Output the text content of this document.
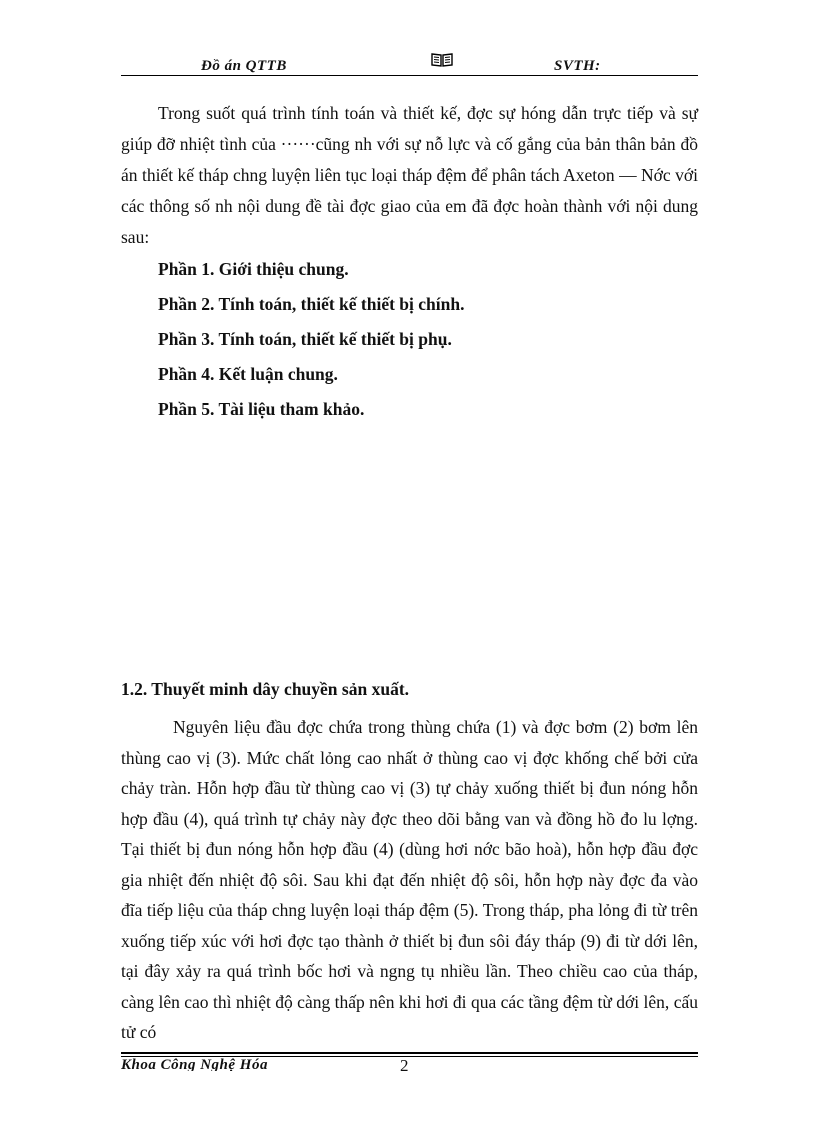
Đồ án QTTB	SVTH:
Trong suốt quá trình tính toán và thiết kế, đợc sự hóng dẫn trực tiếp và sự giúp đỡ nhiệt tình của ······cũng nh với sự nỗ lực và cố gắng của bản thân bản đồ án thiết kế tháp chng luyện liên tục loại tháp đệm để phân tách Axeton — Nớc với các thông số nh nội dung đề tài đợc giao của em đã đợc hoàn thành với nội dung sau:
Phần 1. Giới thiệu chung.
Phần 2. Tính toán, thiết kế thiết bị chính.
Phần 3. Tính toán, thiết kế thiết bị phụ.
Phần 4. Kết luận chung.
Phần 5. Tài liệu tham khảo.
1.2. Thuyết minh dây chuyền sản xuất.
Nguyên liệu đầu đợc chứa trong thùng chứa (1) và đợc bơm (2) bơm lên thùng cao vị (3). Mức chất lỏng cao nhất ở thùng cao vị đợc khống chế bởi cửa chảy tràn. Hỗn hợp đầu từ thùng cao vị (3) tự chảy xuống thiết bị đun nóng hỗn hợp đầu (4), quá trình tự chảy này đợc theo dõi bằng van và đồng hồ đo lu lợng. Tại thiết bị đun nóng hỗn hợp đầu (4) (dùng hơi nớc bão hoà), hỗn hợp đầu đợc gia nhiệt đến nhiệt độ sôi. Sau khi đạt đến nhiệt độ sôi, hỗn hợp này đợc đa vào đĩa tiếp liệu của tháp chng luyện loại tháp đệm (5). Trong tháp, pha lỏng đi từ trên xuống tiếp xúc với hơi đợc tạo thành ở thiết bị đun sôi đáy tháp (9) đi từ dới lên, tại đây xảy ra quá trình bốc hơi và ngng tụ nhiều lần. Theo chiều cao của tháp, càng lên cao thì nhiệt độ càng thấp nên khi hơi đi qua các tầng đệm từ dới lên, cấu tử có
Khoa Công Nghệ Hóa	2
